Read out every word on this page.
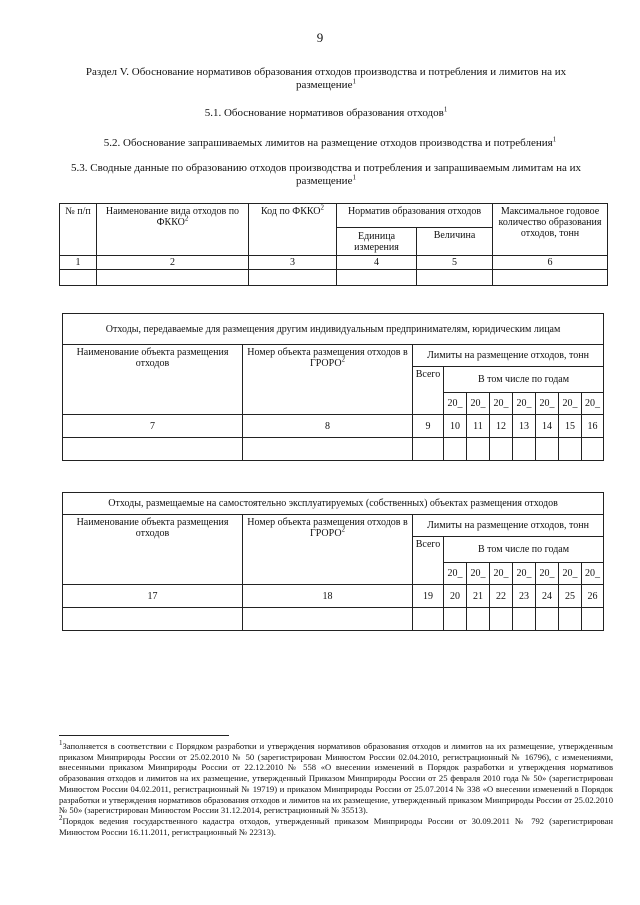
9
Раздел V. Обоснование нормативов образования отходов производства и потребления и лимитов на их размещение$^1$
5.1. Обоснование нормативов образования отходов$^1$
5.2. Обоснование запрашиваемых лимитов на размещение отходов производства и потребления$^1$
5.3. Сводные данные по образованию отходов производства и потребления и запрашиваемым лимитам на их размещение$^1$
№ п/п	Наименование вида отходов по ФККО$^2$	Код по ФККО$^2$	Норматив образования отходов		Максимальное годовое количество образования отходов, тонн
			Единица измерения	Величина	
1	2	3	4	5	6

Отходы, передаваемые для размещения другим индивидуальным предпринимателям, юридическим лицам									
Наименование объекта размещения отходов	Номер объекта размещения отходов в ГРОРО$^2$	Лимиты на размещение отходов, тонн							
		Всего	В том числе по годам						
			20_	20_	20_	20_	20_	20_	20_
7	8	9	10	11	12	13	14	15	16

Отходы, размещаемые на самостоятельно эксплуатируемых (собственных) объектах размещения отходов									
Наименование объекта размещения отходов	Номер объекта размещения отходов в ГРОРО$^2$	Лимиты на размещение отходов, тонн							
		Всего	В том числе по годам						
			20_	20_	20_	20_	20_	20_	20_
17	18	19	20	21	22	23	24	25	26

$^1$Заполняется в соответствии с Порядком разработки и утверждения нормативов образования отходов и лимитов на их размещение, утвержденным приказом Минприроды России от 25.02.2010 № 50 (зарегистрирован Минюстом России 02.04.2010, регистрационный № 16796), с изменениями, внесенными приказом Минприроды России от 22.12.2010 № 558 «О внесении изменений в Порядок разработки и утверждения нормативов образования отходов и лимитов на их размещение, утвержденный Приказом Минприроды России от 25 февраля 2010 года № 50» (зарегистрирован Минюстом России 04.02.2011, регистрационный № 19719) и приказом Минприроды России от 25.07.2014 № 338 «О внесении изменений в Порядок разработки и утверждения нормативов образования отходов и лимитов на их размещение, утвержденный приказом Минприроды России от 25.02.2010 № 50» (зарегистрирован Минюстом России 31.12.2014, регистрационный № 35513).

$^2$Порядок ведения государственного кадастра отходов, утвержденный приказом Минприроды России от 30.09.2011 № 792 (зарегистрирован Минюстом России 16.11.2011, регистрационный № 22313).
